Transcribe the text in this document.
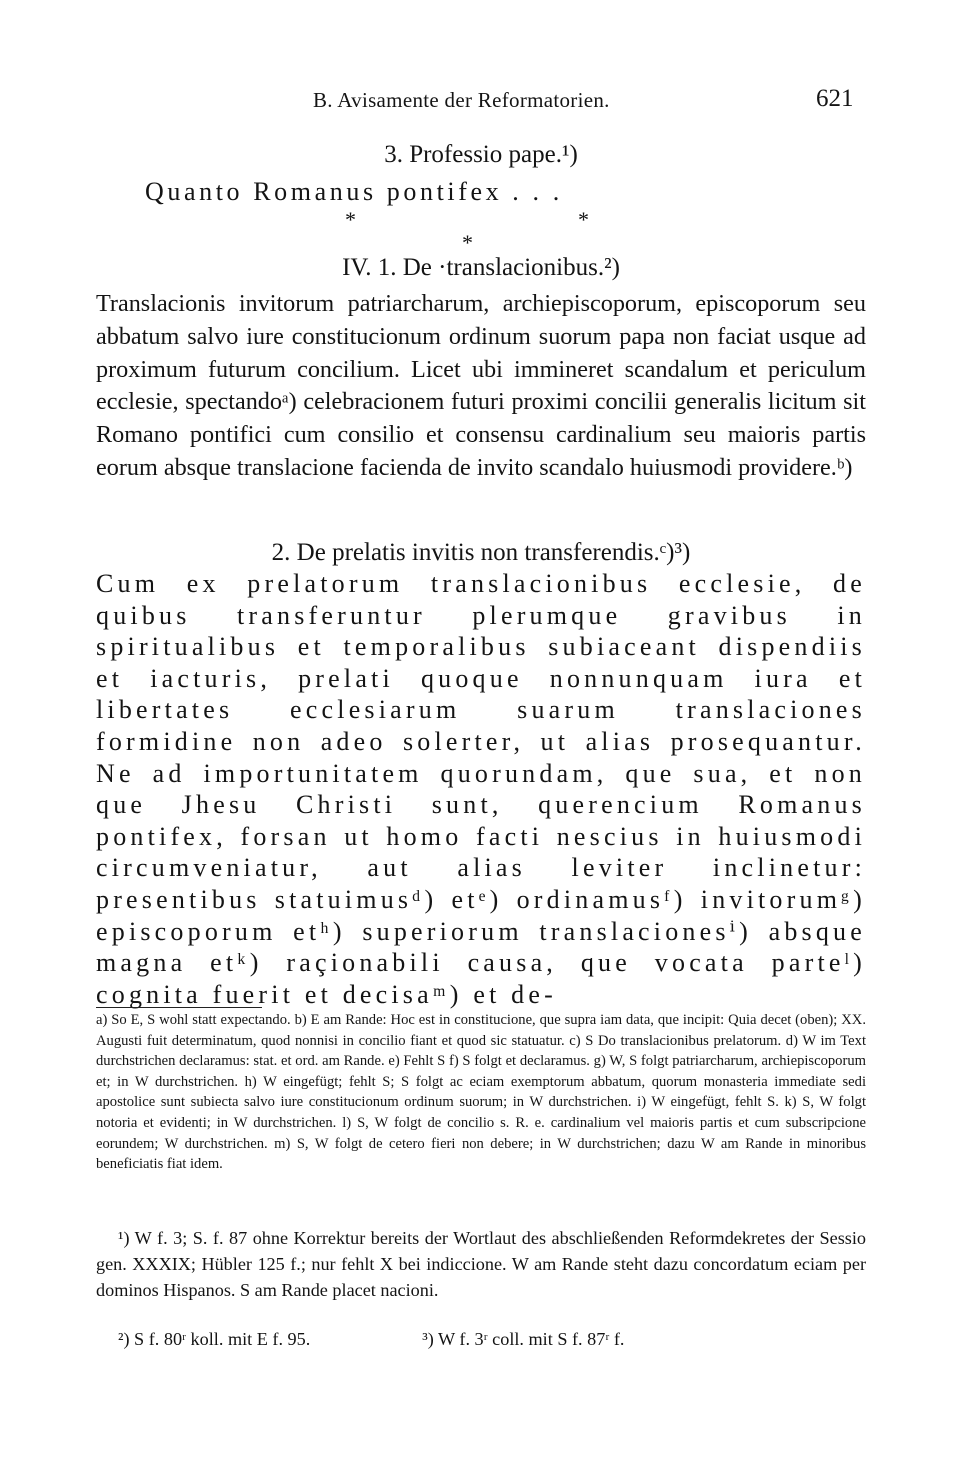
B. Avisamente der Reformatorien.	621
3. Professio pape.¹)
Quanto Romanus pontifex . . .
*	*
*
IV. 1. De ·translacionibus.²)
Translacionis invitorum patriarcharum, archiepiscoporum, episcoporum seu abbatum salvo iure constitucionum ordinum suorum papa non faciat usque ad proximum futurum concilium. Licet ubi immineret scandalum et periculum ecclesie, spectandoᵃ) celebracionem futuri proximi concilii generalis licitum sit Romano pontifici cum consilio et consensu cardinalium seu maioris partis eorum absque translacione facienda de invito scandalo huiusmodi providere.ᵇ)
2. De prelatis invitis non transferendis.ᶜ)³)
Cum ex prelatorum translacionibus ecclesie, de quibus transferuntur plerumque gravibus in spiritualibus et temporalibus subiaceant dispendiis et iacturis, prelati quoque nonnunquam iura et libertates ecclesiarum suarum translaciones formidine non adeo solerter, ut alias prosequantur. Ne ad importunitatem quorundam, que sua, et non que Jhesu Christi sunt, querencium Romanus pontifex, forsan ut homo facti nescius in huiusmodi circumveniatur, aut alias leviter inclinetur: presentibus statuimusᵈ) etᵉ) ordinamusᶠ) invitorumᵍ) episcoporum etʰ) superiorum translacionesⁱ) absque magna etᵏ) raçionabili causa, que vocata parteˡ) cognita fuerit et decisaᵐ) et de-
a) So E, S wohl statt expectando. b) E am Rande: Hoc est in constitucione, que supra iam data, que incipit: Quia decet (oben); XX. Augusti fuit determinatum, quod nonnisi in concilio fiant et quod sic statuatur. c) S Do translacionibus prelatorum. d) W im Text durchstrichen declaramus: stat. et ord. am Rande. e) Fehlt S f) S folgt et declaramus. g) W, S folgt patriarcharum, archiepiscoporum et; in W durchstrichen. h) W eingefügt; fehlt S; S folgt ac eciam exemptorum abbatum, quorum monasteria immediate sedi apostolice sunt subiecta salvo iure constitucionum ordinum suorum; in W durchstrichen. i) W eingefügt, fehlt S. k) S, W folgt notoria et evidenti; in W durchstrichen. l) S, W folgt de concilio s. R. e. cardinalium vel maioris partis et cum subscripcione eorundem; W durchstrichen. m) S, W folgt de cetero fieri non debere; in W durchstrichen; dazu W am Rande in minoribus beneficiatis fiat idem.

¹) W f. 3; S. f. 87 ohne Korrektur bereits der Wortlaut des abschließenden Reformdekretes der Sessio gen. XXXIX; Hübler 125 f.; nur fehlt X bei indiccione. W am Rande steht dazu concordatum eciam per dominos Hispanos. S am Rande placet nacioni.

²) S f. 80ʳ koll. mit E f. 95.	³) W f. 3ʳ coll. mit S f. 87ʳ f.
